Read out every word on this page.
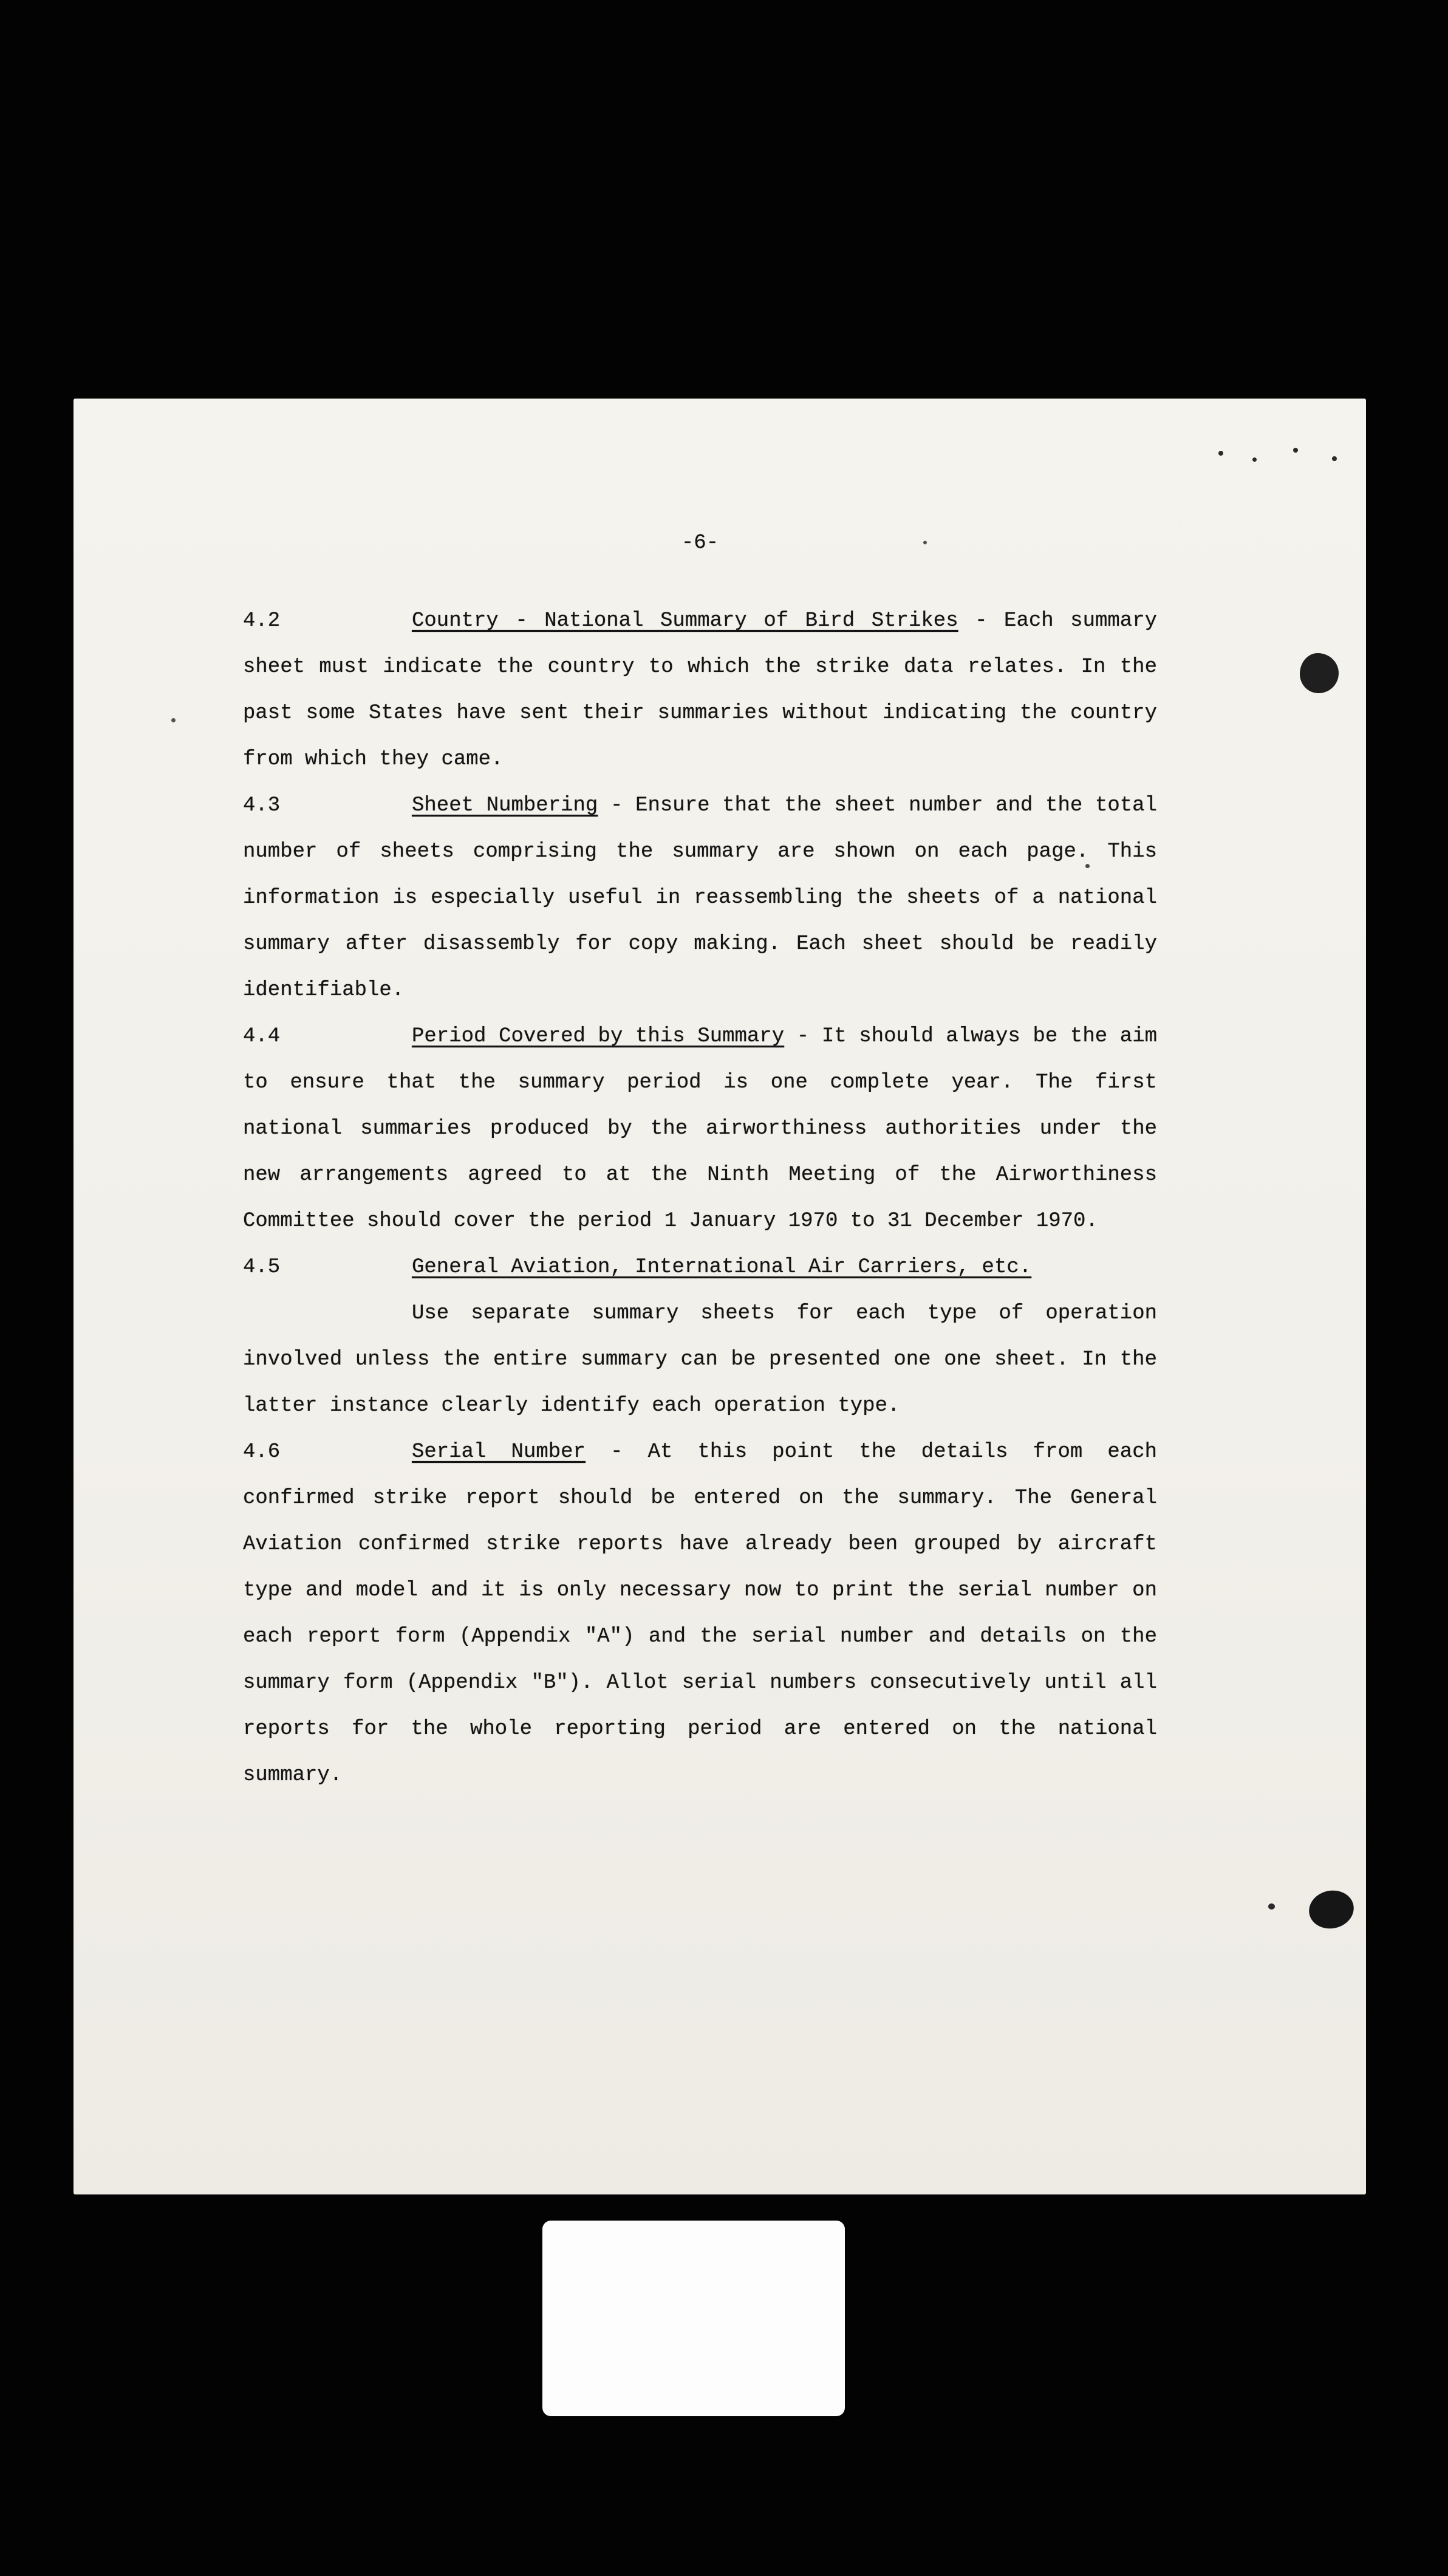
-6-

4.2	Country - National Summary of Bird Strikes - Each summary sheet must indicate the country to which the strike data relates. In the past some States have sent their summaries without indicating the country from which they came.

4.3	Sheet Numbering - Ensure that the sheet number and the total number of sheets comprising the summary are shown on each page. This information is especially useful in reassembling the sheets of a national summary after disassembly for copy making. Each sheet should be readily identifiable.

4.4	Period Covered by this Summary - It should always be the aim to ensure that the summary period is one complete year. The first national summaries produced by the airworthiness authorities under the new arrangements agreed to at the Ninth Meeting of the Airworthiness Committee should cover the period 1 January 1970 to 31 December 1970.

4.5	General Aviation, International Air Carriers, etc.
Use separate summary sheets for each type of operation involved unless the entire summary can be presented one one sheet. In the latter instance clearly identify each operation type.

4.6	Serial Number - At this point the details from each confirmed strike report should be entered on the summary. The General Aviation confirmed strike reports have already been grouped by aircraft type and model and it is only necessary now to print the serial number on each report form (Appendix "A") and the serial number and details on the summary form (Appendix "B"). Allot serial numbers consecutively until all reports for the whole reporting period are entered on the national summary.
